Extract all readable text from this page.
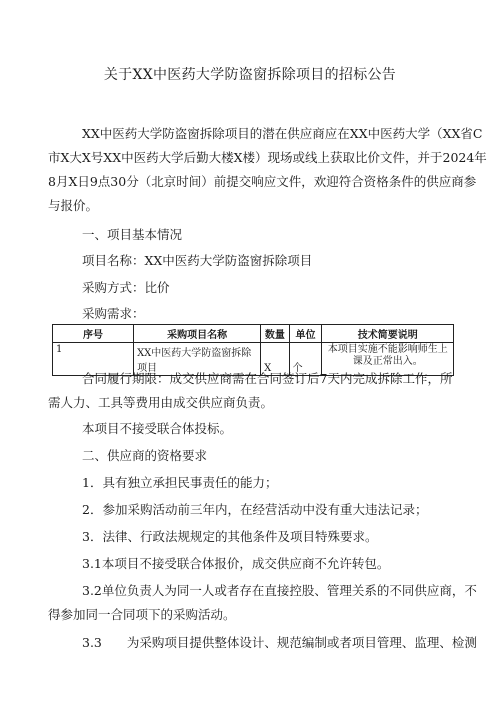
关于XX中医药大学防盗窗拆除项目的招标公告
XX中医药大学防盗窗拆除项目的潜在供应商应在XX中医药大学（XX省C
市X大X号XX中医药大学后勤大楼X楼）现场或线上获取比价文件，并于2024年
8月X日9点30分（北京时间）前提交响应文件，欢迎符合资格条件的供应商参
与报价。
一、项目基本情况
项目名称：XX中医药大学防盗窗拆除项目
采购方式：比价
采购需求：
序号	采购项目名称	数量	单位	技术简要说明
1	XX中医药大学防盗窗拆除项目	X	个	本项目实施不能影响师生上课及正常出入。
合同履行期限：成交供应商需在合同签订后7天内完成拆除工作，所
需人力、工具等费用由成交供应商负责。
本项目不接受联合体投标。
二、供应商的资格要求
1．具有独立承担民事责任的能力；
2．参加采购活动前三年内，在经营活动中没有重大违法记录；
3．法律、行政法规规定的其他条件及项目特殊要求。
3.1本项目不接受联合体报价，成交供应商不允许转包。
3.2单位负责人为同一人或者存在直接控股、管理关系的不同供应商，不
得参加同一合同项下的采购活动。
3.3　　为采购项目提供整体设计、规范编制或者项目管理、监理、检测
